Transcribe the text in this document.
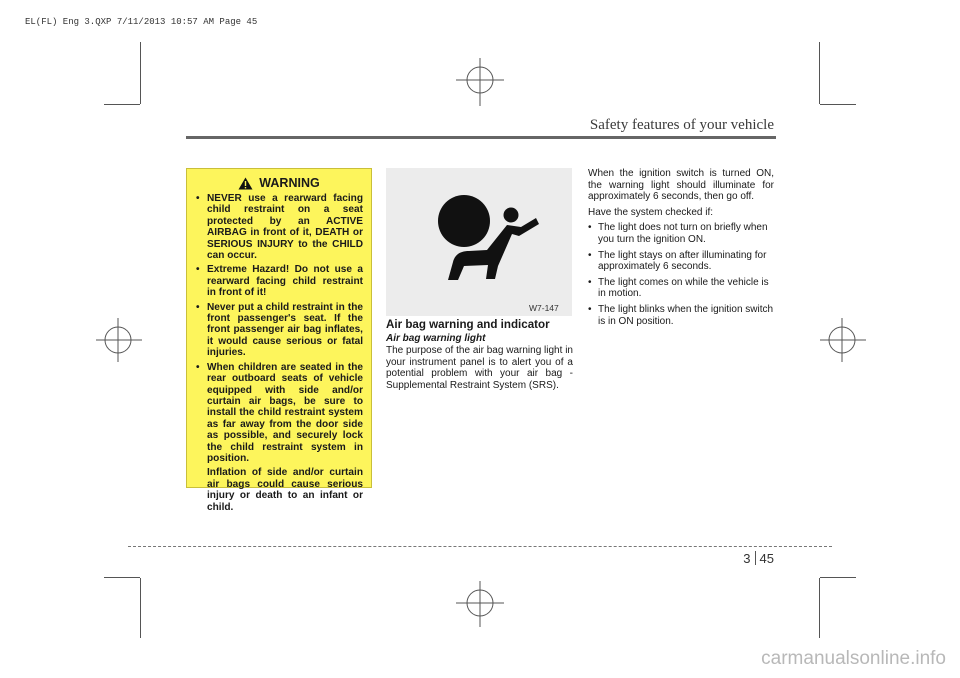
EL(FL) Eng 3.QXP 7/11/2013 10:57 AM Page 45
Safety features of your vehicle
WARNING
• NEVER use a rearward facing child restraint on a seat protected by an ACTIVE AIRBAG in front of it, DEATH or SERIOUS INJURY to the CHILD can occur.
• Extreme Hazard! Do not use a rearward facing child restraint in front of it!
• Never put a child restraint in the front passenger's seat. If the front passenger air bag inflates, it would cause serious or fatal injuries.
• When children are seated in the rear outboard seats of vehicle equipped with side and/or curtain air bags, be sure to install the child restraint system as far away from the door side as possible, and securely lock the child restraint system in position.

Inflation of side and/or curtain air bags could cause serious injury or death to an infant or child.

W7-147
Air bag warning and indicator
Air bag warning light

The purpose of the air bag warning light in your instrument panel is to alert you of a potential problem with your air bag - Supplemental Restraint System (SRS).

When the ignition switch is turned ON, the warning light should illuminate for approximately 6 seconds, then go off.

Have the system checked if:

• The light does not turn on briefly when you turn the ignition ON.
• The light stays on after illuminating for approximately 6 seconds.
• The light comes on while the vehicle is in motion.
• The light blinks when the ignition switch is in ON position.
3 45
carmanualsonline.info
